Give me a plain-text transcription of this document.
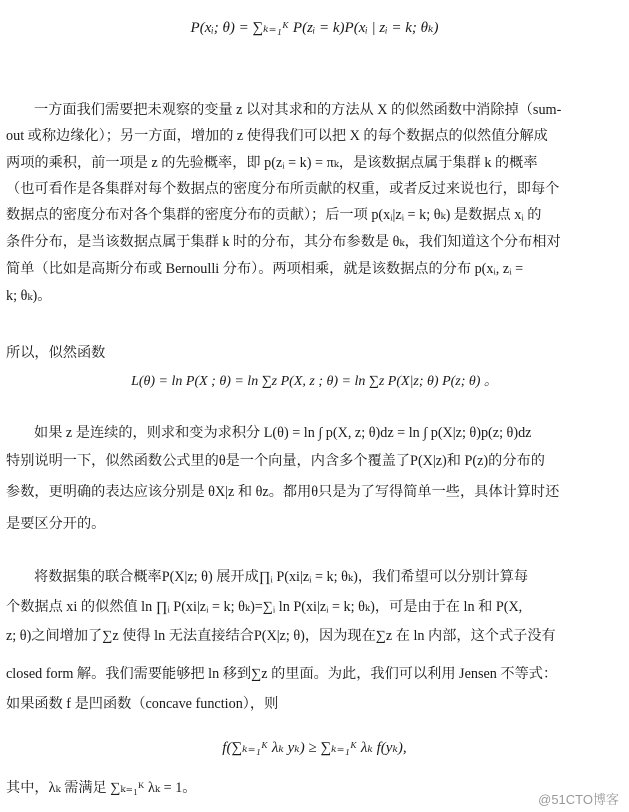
P(xᵢ; θ) = ∑ₖ₌₁ᴷ P(zᵢ = k)P(xᵢ | zᵢ = k; θₖ)
一方面我们需要把未观察的变量 z 以对其求和的方法从 X 的似然函数中消除掉（sum-
out 或称边缘化）；另一方面，增加的 z 使得我们可以把 X 的每个数据点的似然值分解成
两项的乘积，前一项是 z 的先验概率，即 p(zᵢ = k) = πₖ，是该数据点属于集群 k 的概率
（也可看作是各集群对每个数据点的密度分布所贡献的权重，或者反过来说也行，即每个
数据点的密度分布对各个集群的密度分布的贡献）；后一项 p(xᵢ|zᵢ = k; θₖ) 是数据点 xᵢ 的
条件分布，是当该数据点属于集群 k 时的分布，其分布参数是 θₖ，我们知道这个分布相对
简单（比如是高斯分布或 Bernoulli 分布）。两项相乘，就是该数据点的分布 p(xᵢ, zᵢ =
k; θₖ)。
所以，似然函数
L(θ) = ln P(X ; θ) = ln ∑z P(X, z ; θ) = ln ∑z P(X|z; θ) P(z; θ) 。
如果 z 是连续的，则求和变为求积分 L(θ) = ln ∫ p(X, z; θ)dz = ln ∫ p(X|z; θ)p(z; θ)dz
特别说明一下，似然函数公式里的θ是一个向量，内含多个覆盖了P(X|z)和 P(z)的分布的
参数，更明确的表达应该分别是 θX|z 和 θz。都用θ只是为了写得简单一些，具体计算时还
是要区分开的。
将数据集的联合概率P(X|z; θ) 展开成∏ᵢ P(xi|zᵢ = k; θₖ)，我们希望可以分别计算每
个数据点 xi 的似然值 ln ∏ᵢ P(xi|zᵢ = k; θₖ)=∑ᵢ ln P(xi|zᵢ = k; θₖ)，可是由于在 ln 和 P(X,
z; θ)之间增加了∑z 使得 ln 无法直接结合P(X|z; θ)，因为现在∑z 在 ln 内部，这个式子没有
closed form 解。我们需要能够把 ln 移到∑z 的里面。为此，我们可以利用 Jensen 不等式：
如果函数 f 是凹函数（concave function），则
f(∑ₖ₌₁ᴷ λₖ yₖ) ≥ ∑ₖ₌₁ᴷ λₖ f(yₖ),
其中，λₖ 需满足 ∑ₖ₌₁ᴷ λₖ = 1。
@51CTO博客
